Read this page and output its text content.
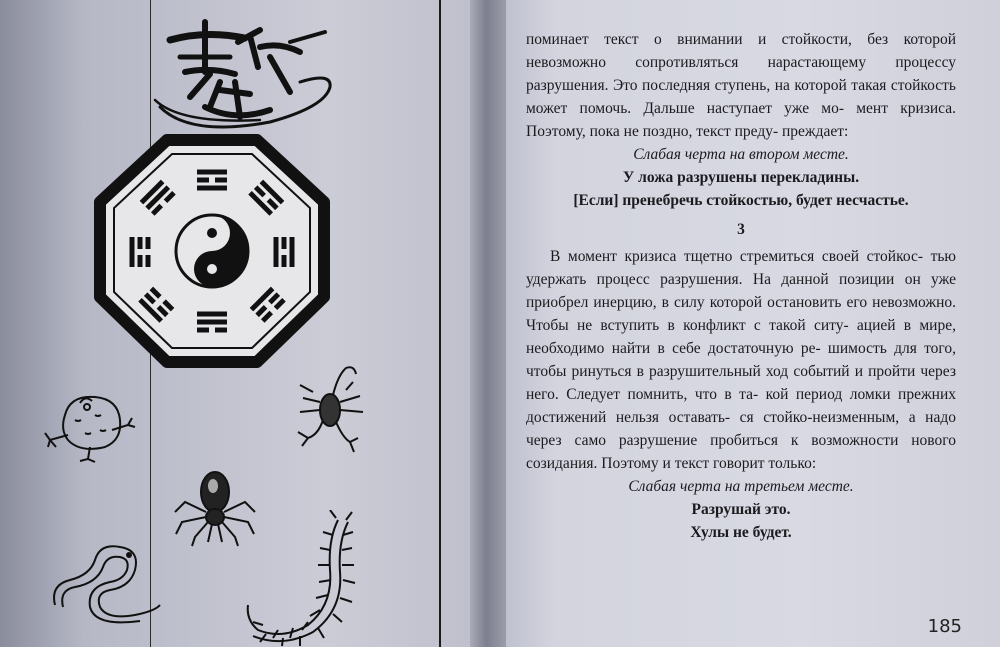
поминает текст о внимании и стойкости, без которой невозможно сопротивляться нарастающему процессу разрушения. Это последняя ступень, на которой такая стойкость может помочь. Дальше наступает уже мо- мент кризиса. Поэтому, пока не поздно, текст преду- преждает:

Слабая черта на втором месте.
У ложа разрушены перекладины.
[Если] пренебречь стойкостью, будет несчастье.
3

В момент кризиса тщетно стремиться своей стойкос- тью удержать процесс разрушения. На данной позиции он уже приобрел инерцию, в силу которой остановить его невозможно. Чтобы не вступить в конфликт с такой ситу- ацией в мире, необходимо найти в себе достаточную ре- шимость для того, чтобы ринуться в разрушительный ход событий и пройти через него. Следует помнить, что в та- кой период ломки прежних достижений нельзя оставать- ся стойко-неизменным, а надо через само разрушение пробиться к возможности нового созидания. Поэтому и текст говорит только:

Слабая черта на третьем месте.
Разрушай это.
Хулы не будет.
185
